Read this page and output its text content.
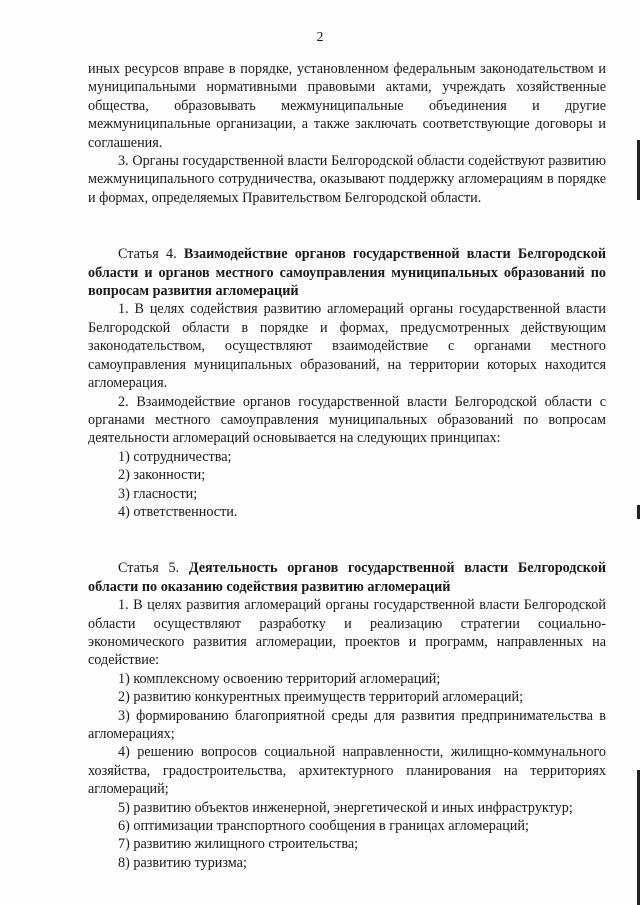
2

иных ресурсов вправе в порядке, установленном федеральным законодательством и муниципальными нормативными правовыми актами, учреждать хозяйственные общества, образовывать межмуниципальные объединения и другие межмуниципальные организации, а также заключать соответствующие договоры и соглашения.

3. Органы государственной власти Белгородской области содействуют развитию межмуниципального сотрудничества, оказывают поддержку агломерациям в порядке и формах, определяемых Правительством Белгородской области.

Статья 4. Взаимодействие органов государственной власти Белгородской области и органов местного самоуправления муниципальных образований по вопросам развития агломераций

1. В целях содействия развитию агломераций органы государственной власти Белгородской области в порядке и формах, предусмотренных действующим законодательством, осуществляют взаимодействие с органами местного самоуправления муниципальных образований, на территории которых находится агломерация.

2. Взаимодействие органов государственной власти Белгородской области с органами местного самоуправления муниципальных образований по вопросам деятельности агломераций основывается на следующих принципах:

1) сотрудничества;

2) законности;

3) гласности;

4) ответственности.

Статья 5. Деятельность органов государственной власти Белгородской области по оказанию содействия развитию агломераций

1. В целях развития агломераций органы государственной власти Белгородской области осуществляют разработку и реализацию стратегии социально-экономического развития агломерации, проектов и программ, направленных на содействие:

1) комплексному освоению территорий агломераций;

2) развитию конкурентных преимуществ территорий агломераций;

3) формированию благоприятной среды для развития предпринимательства в агломерациях;

4) решению вопросов социальной направленности, жилищно-коммунального хозяйства, градостроительства, архитектурного планирования на территориях агломераций;

5) развитию объектов инженерной, энергетической и иных инфраструктур;

6) оптимизации транспортного сообщения в границах агломераций;

7) развитию жилищного строительства;

8) развитию туризма;
